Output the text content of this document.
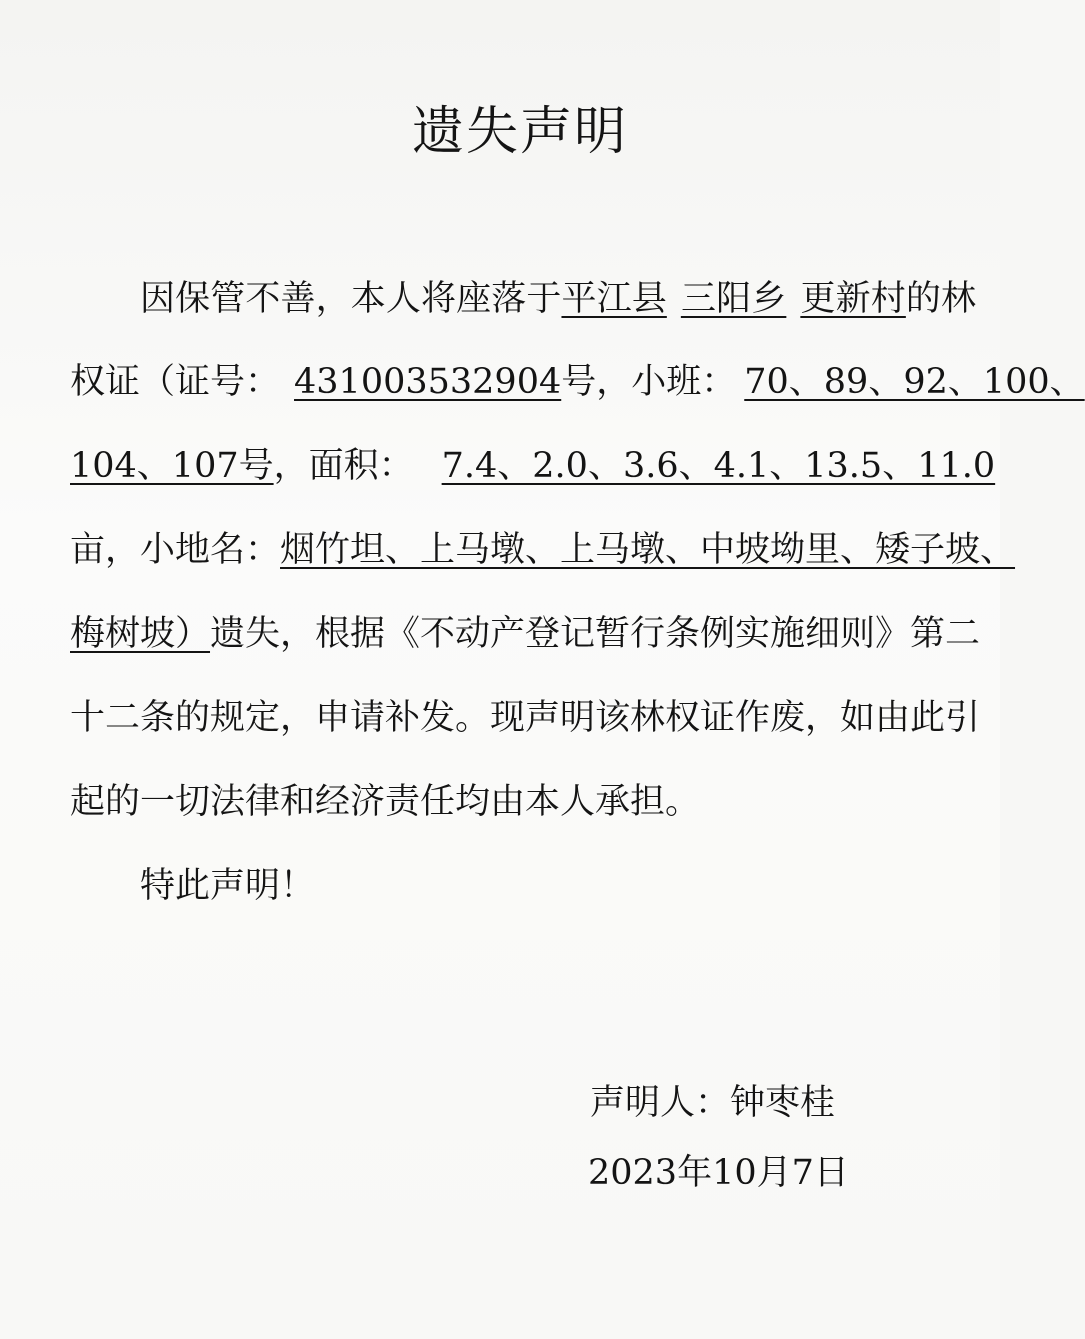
遗失声明
因保管不善，本人将座落于平江县 三阳乡 更新村的林
权证（证号： 431003532904号，小班： 70、89、92、100、
104、107号，面积： 7.4、2.0、3.6、4.1、13.5、11.0
亩，小地名：烟竹坦、上马墩、上马墩、中坡坳里、矮子坡、
梅树坡）遗失，根据《不动产登记暂行条例实施细则》第二
十二条的规定，申请补发。现声明该林权证作废，如由此引
起的一切法律和经济责任均由本人承担。
特此声明！
声明人：钟枣桂
2023年10月7日
